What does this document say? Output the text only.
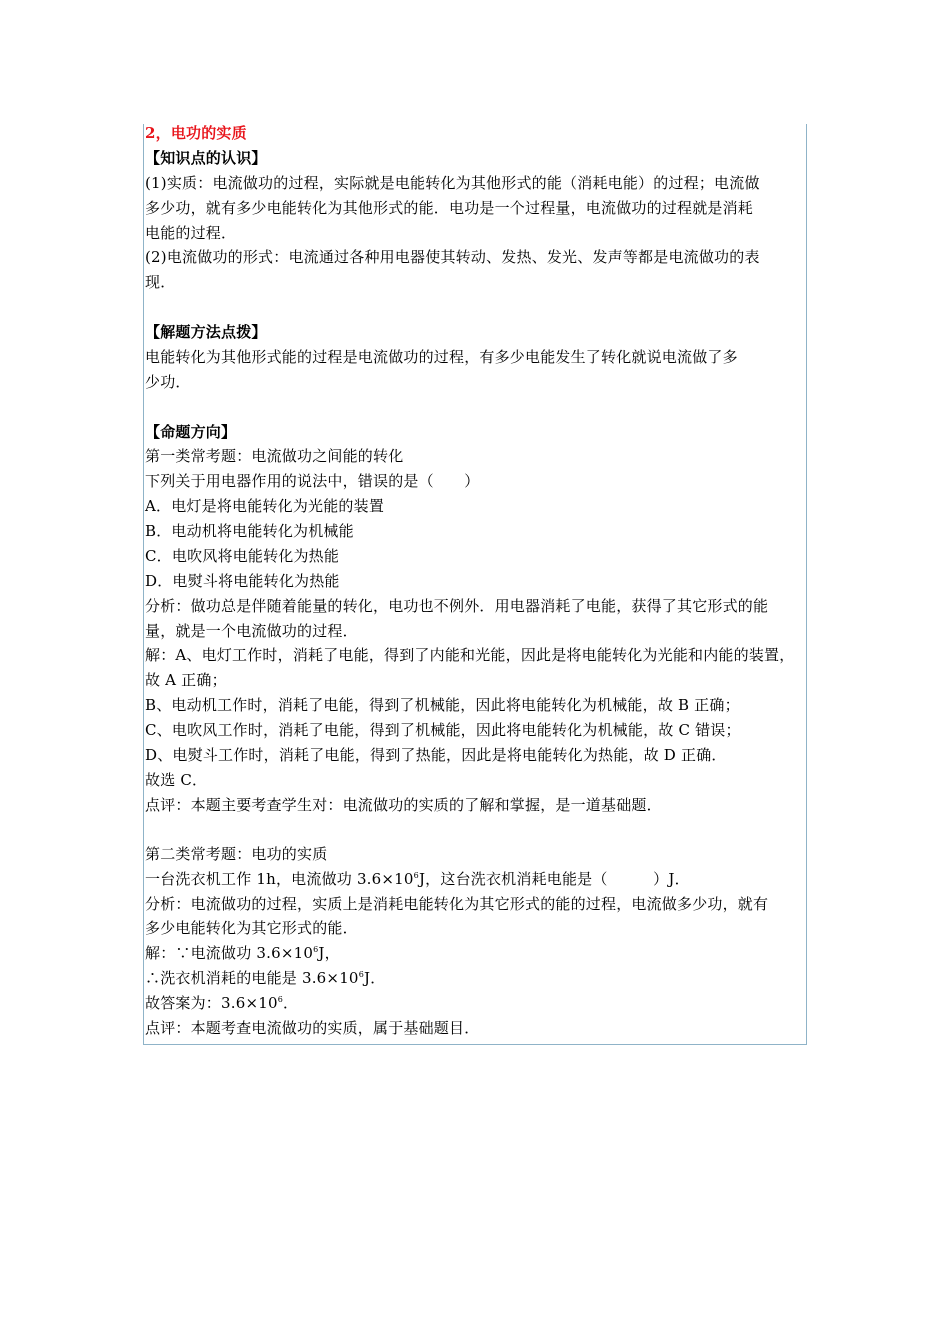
2，电功的实质
【知识点的认识】
(1)实质：电流做功的过程，实际就是电能转化为其他形式的能（消耗电能）的过程；电流做
多少功，就有多少电能转化为其他形式的能．电功是一个过程量，电流做功的过程就是消耗
电能的过程．
(2)电流做功的形式：电流通过各种用电器使其转动、发热、发光、发声等都是电流做功的表
现．
【解题方法点拨】
电能转化为其他形式能的过程是电流做功的过程，有多少电能发生了转化就说电流做了多
少功．
【命题方向】
第一类常考题：电流做功之间能的转化
下列关于用电器作用的说法中，错误的是（　　）
A．电灯是将电能转化为光能的装置
B．电动机将电能转化为机械能
C．电吹风将电能转化为热能
D．电熨斗将电能转化为热能
分析：做功总是伴随着能量的转化，电功也不例外．用电器消耗了电能，获得了其它形式的能
量，就是一个电流做功的过程．
解：A、电灯工作时，消耗了电能，得到了内能和光能，因此是将电能转化为光能和内能的装置，
故 A 正确；
B、电动机工作时，消耗了电能，得到了机械能，因此将电能转化为机械能，故 B 正确；
C、电吹风工作时，消耗了电能，得到了机械能，因此将电能转化为机械能，故 C 错误；
D、电熨斗工作时，消耗了电能，得到了热能，因此是将电能转化为热能，故 D 正确．
故选 C．
点评：本题主要考查学生对：电流做功的实质的了解和掌握，是一道基础题．
第二类常考题：电功的实质
一台洗衣机工作 1h，电流做功 $3.6\times 10^6J$，这台洗衣机消耗电能是（　　　）J．
分析：电流做功的过程，实质上是消耗电能转化为其它形式的能的过程，电流做多少功，就有
多少电能转化为其它形式的能．
解：∵电流做功 $3.6\times 10^6J$，
∴洗衣机消耗的电能是 $3.6\times 10^6J$．
故答案为：$3.6\times 10^6$．
点评：本题考查电流做功的实质，属于基础题目．
